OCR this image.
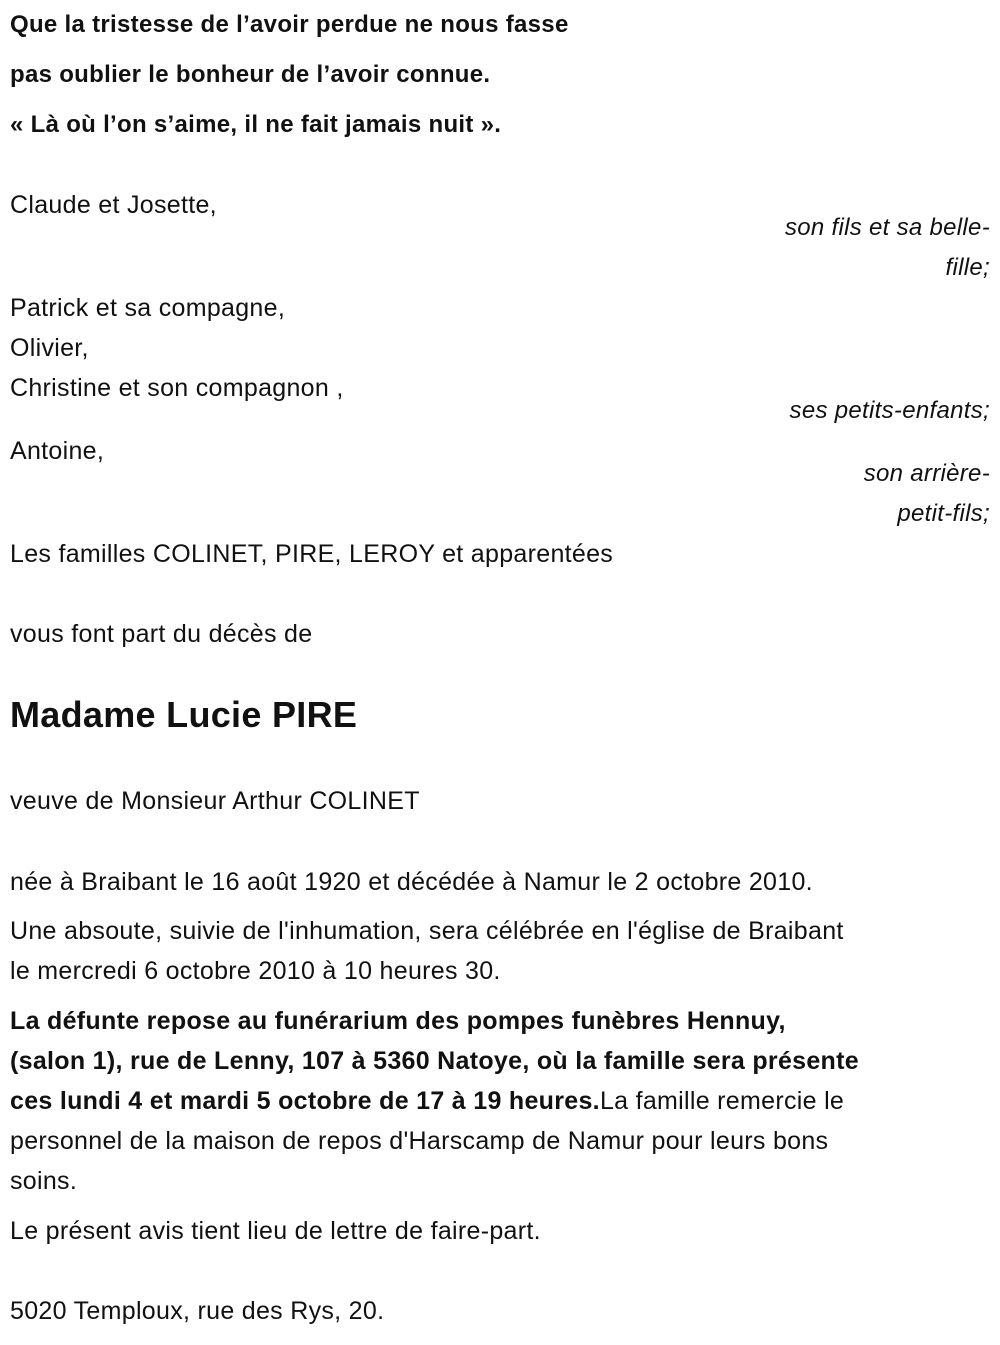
Que la tristesse de l’avoir perdue ne nous fasse
pas oublier le bonheur de l’avoir connue.
« Là où l’on s’aime, il ne fait jamais nuit ».
Claude et Josette,
son fils et sa belle-
fille;
Patrick et sa compagne,
Olivier,
Christine et son compagnon ,
ses petits-enfants;
Antoine,
son arrière-
petit-fils;
Les familles COLINET, PIRE, LEROY et apparentées
vous font part du décès de
Madame Lucie PIRE
veuve de Monsieur Arthur COLINET
née à Braibant le 16 août 1920 et décédée à Namur le 2 octobre 2010.
Une absoute, suivie de l'inhumation, sera célébrée en l'église de Braibant
le mercredi 6 octobre 2010 à 10 heures 30.
La défunte repose au funérarium des pompes funèbres Hennuy,
(salon 1), rue de Lenny, 107 à 5360 Natoye, où la famille sera présente
ces lundi 4 et mardi 5 octobre de 17 à 19 heures.La famille remercie le
personnel de la maison de repos d'Harscamp de Namur pour leurs bons
soins.
Le présent avis tient lieu de lettre de faire-part.
5020 Temploux, rue des Rys, 20.
